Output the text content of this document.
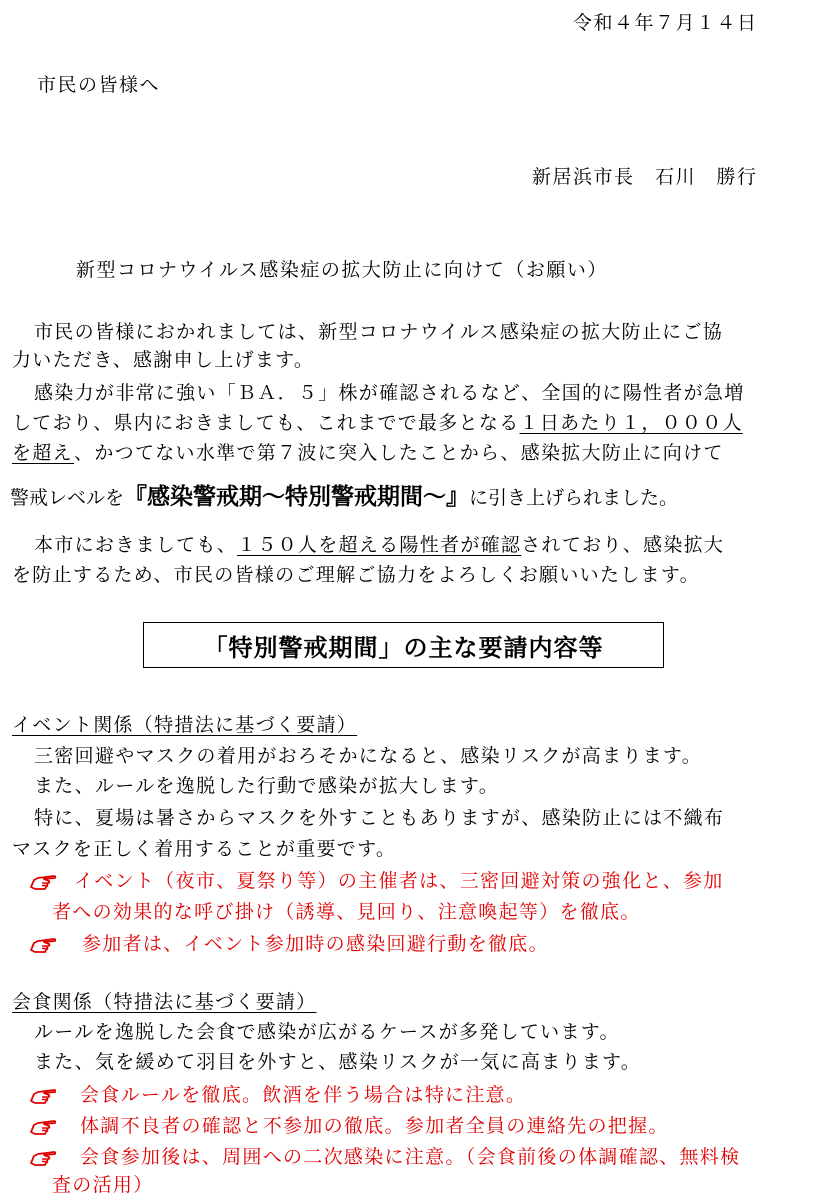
令和４年７月１４日
市民の皆様へ
新居浜市長　石川　勝行
新型コロナウイルス感染症の拡大防止に向けて（お願い）
市民の皆様におかれましては、新型コロナウイルス感染症の拡大防止にご協
力いただき、感謝申し上げます。
感染力が非常に強い「ＢＡ．５」株が確認されるなど、全国的に陽性者が急増
しており、県内におきましても、これまでで最多となる１日あたり１，０００人
を超え、かつてない水準で第７波に突入したことから、感染拡大防止に向けて
警戒レベルを『感染警戒期～特別警戒期間～』に引き上げられました。
本市におきましても、１５０人を超える陽性者が確認されており、感染拡大
を防止するため、市民の皆様のご理解ご協力をよろしくお願いいたします。
「特別警戒期間」の主な要請内容等
イベント関係（特措法に基づく要請）
三密回避やマスクの着用がおろそかになると、感染リスクが高まります。
また、ルールを逸脱した行動で感染が拡大します。
特に、夏場は暑さからマスクを外すこともありますが、感染防止には不織布
マスクを正しく着用することが重要です。
イベント（夜市、夏祭り等）の主催者は、三密回避対策の強化と、参加
者への効果的な呼び掛け（誘導、見回り、注意喚起等）を徹底。
参加者は、イベント参加時の感染回避行動を徹底。
会食関係（特措法に基づく要請）
ルールを逸脱した会食で感染が広がるケースが多発しています。
また、気を緩めて羽目を外すと、感染リスクが一気に高まります。
会食ルールを徹底。飲酒を伴う場合は特に注意。
体調不良者の確認と不参加の徹底。参加者全員の連絡先の把握。
会食参加後は、周囲への二次感染に注意。（会食前後の体調確認、無料検
査の活用）
